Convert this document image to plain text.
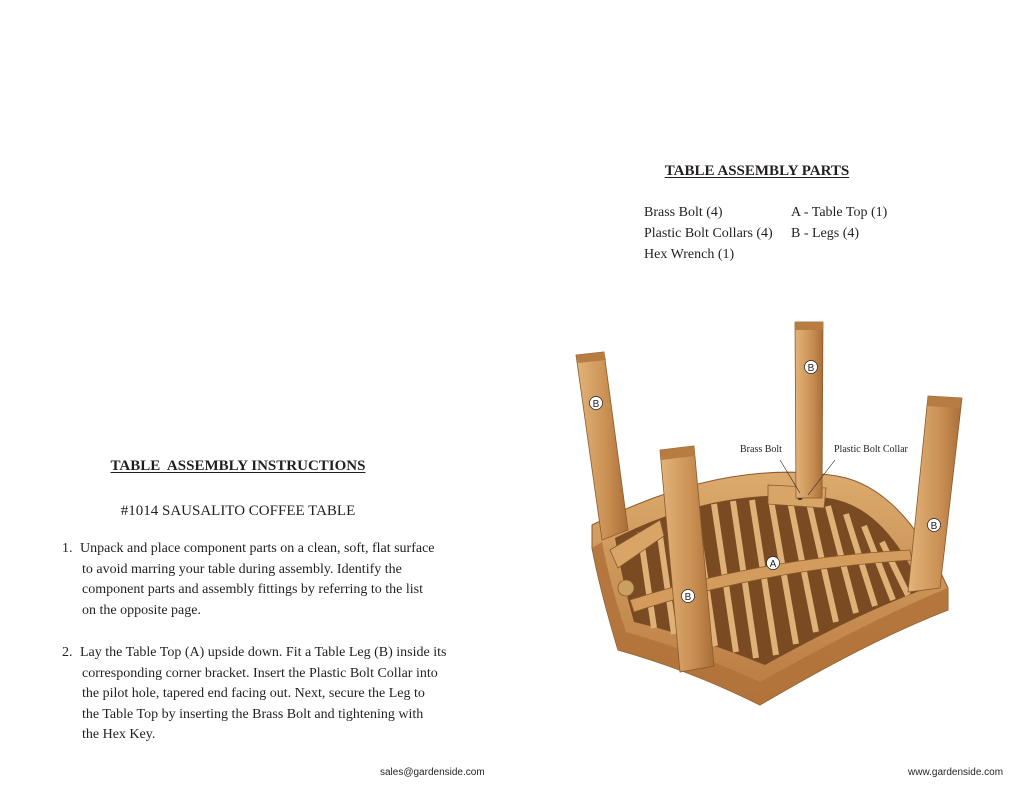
TABLE ASSEMBLY PARTS
Brass Bolt (4)
Plastic Bolt Collars (4)
Hex Wrench (1)
A - Table Top (1)
B - Legs (4)
TABLE  ASSEMBLY INSTRUCTIONS
#1014 SAUSALITO COFFEE TABLE
1. Unpack and place component parts on a clean, soft, flat surface
to avoid marring your table during assembly. Identify the
component parts and assembly fittings by referring to the list
on the opposite page.
2. Lay the Table Top (A) upside down. Fit a Table Leg (B) inside its
corresponding corner bracket. Insert the Plastic Bolt Collar into
the pilot hole, tapered end facing out. Next, secure the Leg to
the Table Top by inserting the Brass Bolt and tightening with
the Hex Key.
B
B
B
B
A
Brass Bolt	Plastic Bolt Collar
sales@gardenside.com	www.gardenside.com
